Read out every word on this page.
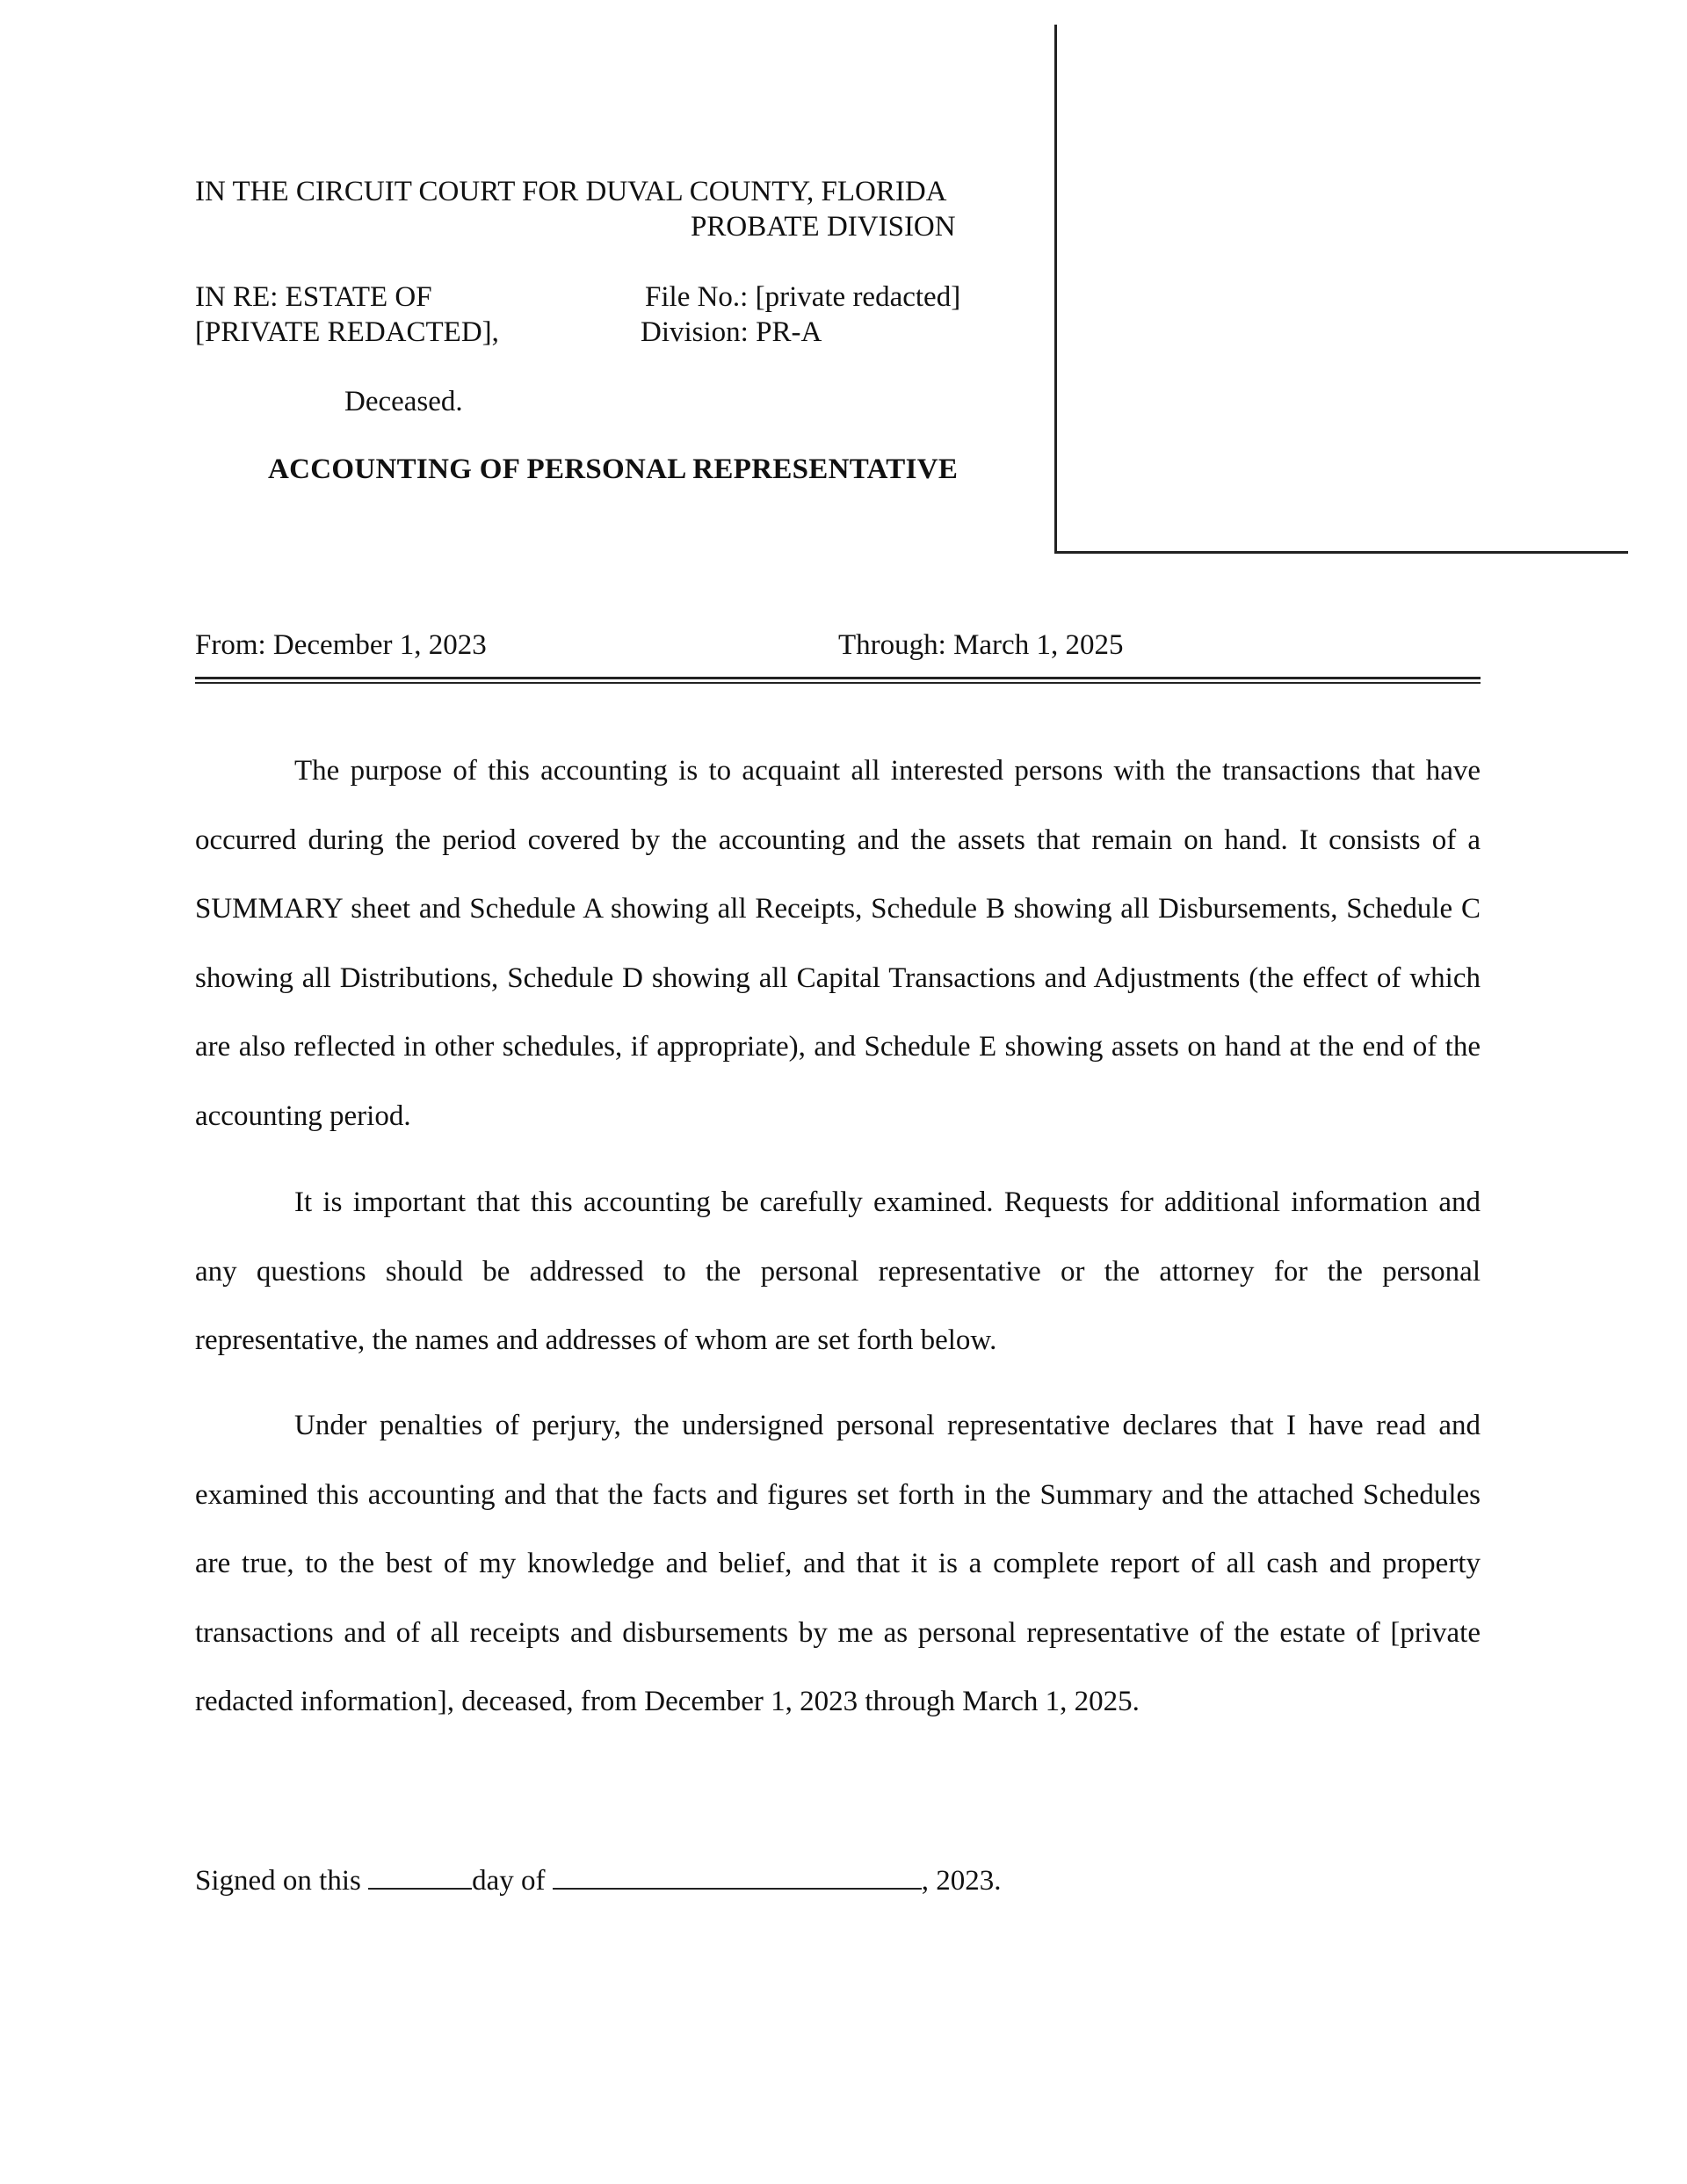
IN THE CIRCUIT COURT FOR DUVAL COUNTY, FLORIDA
PROBATE DIVISION
IN RE: ESTATE OF
[PRIVATE REDACTED],
File No.: [private redacted]
Division: PR-A
Deceased.
ACCOUNTING OF PERSONAL REPRESENTATIVE
From: December 1, 2023	Through: March 1, 2025
The purpose of this accounting is to acquaint all interested persons with the transactions that have occurred during the period covered by the accounting and the assets that remain on hand. It consists of a SUMMARY sheet and Schedule A showing all Receipts, Schedule B showing all Disbursements, Schedule C showing all Distributions, Schedule D showing all Capital Transactions and Adjustments (the effect of which are also reflected in other schedules, if appropriate), and Schedule E showing assets on hand at the end of the accounting period.
It is important that this accounting be carefully examined. Requests for additional information and any questions should be addressed to the personal representative or the attorney for the personal representative, the names and addresses of whom are set forth below.
Under penalties of perjury, the undersigned personal representative declares that I have read and examined this accounting and that the facts and figures set forth in the Summary and the attached Schedules are true, to the best of my knowledge and belief, and that it is a complete report of all cash and property transactions and of all receipts and disbursements by me as personal representative of the estate of [private redacted information], deceased, from December 1, 2023 through March 1, 2025.
Signed on this	day of	, 2023.
